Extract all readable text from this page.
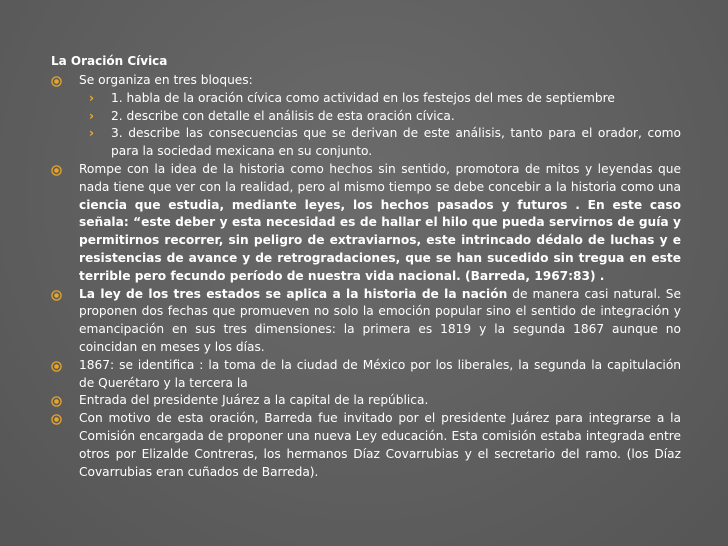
La Oración Cívica
Se organiza en tres bloques:
›	1. habla de la oración cívica como actividad en los festejos del mes de septiembre
›	2. describe con detalle el análisis de esta oración cívica.
›	3. describe las consecuencias que se derivan de este análisis, tanto para el orador, como para la sociedad mexicana en su conjunto.
Rompe con la idea de la historia como hechos sin sentido, promotora de mitos y leyendas que nada tiene que ver con la realidad, pero al mismo tiempo se debe concebir a la historia como una ciencia que estudia, mediante leyes, los hechos pasados y futuros . En este caso señala: “este deber y esta necesidad es de hallar el hilo que pueda servirnos de guía y permitirnos recorrer, sin peligro de extraviarnos, este intrincado dédalo de luchas y e resistencias de avance y de retrogradaciones, que se han sucedido sin tregua en este terrible pero fecundo período de nuestra vida nacional. (Barreda, 1967:83) .
La ley de los tres estados se aplica a la historia de la nación de manera casi natural. Se proponen dos fechas que promueven no solo la emoción popular sino el sentido de integración y emancipación en sus tres dimensiones: la primera es 1819 y la segunda 1867 aunque no coincidan en meses y los días.
1867: se identifica : la toma de la ciudad de México por los liberales, la segunda la capitulación de Querétaro y la tercera la
Entrada del presidente Juárez a la capital de la república.
Con motivo de esta oración, Barreda fue invitado por el presidente Juárez para integrarse a la Comisión encargada de proponer una nueva Ley educación. Esta comisión estaba integrada entre otros por Elizalde Contreras, los hermanos Díaz Covarrubias y el secretario del ramo. (los Díaz Covarrubias eran cuñados de Barreda).
